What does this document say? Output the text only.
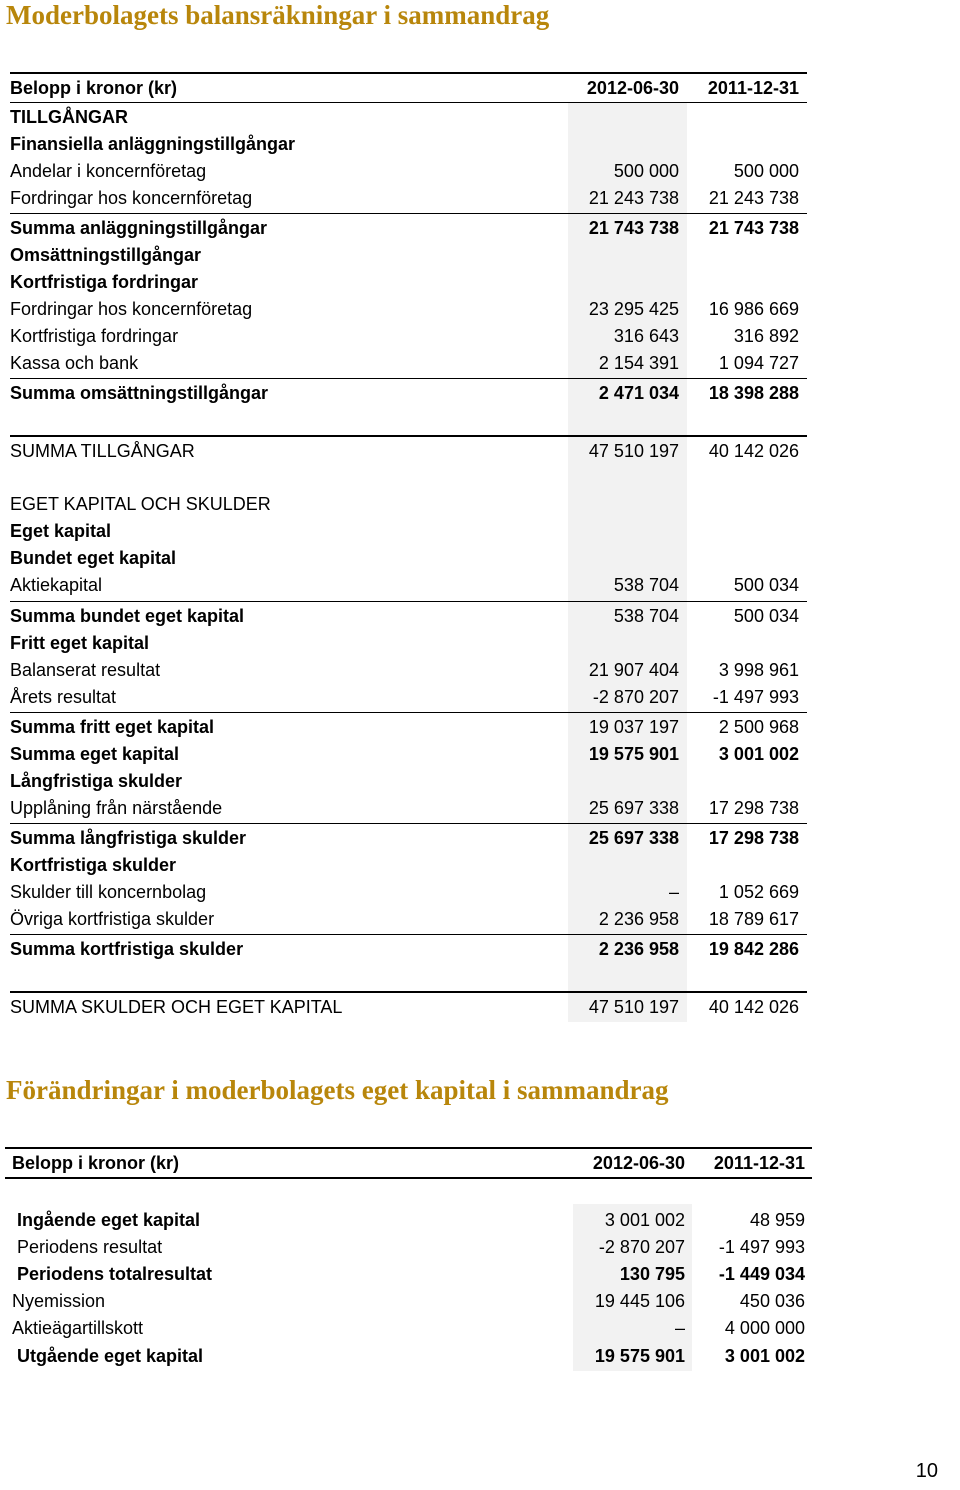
Moderbolagets balansräkningar i sammandrag
Belopp i kronor (kr)	2012-06-30	2011-12-31
TILLGÅNGAR
Finansiella anläggningstillgångar
Andelar i koncernföretag	500 000	500 000
Fordringar hos koncernföretag	21 243 738	21 243 738
Summa anläggningstillgångar	21 743 738	21 743 738
Omsättningstillgångar
Kortfristiga fordringar
Fordringar hos koncernföretag	23 295 425	16 986 669
Kortfristiga fordringar	316 643	316 892
Kassa och bank	2 154 391	1 094 727
Summa omsättningstillgångar	2 471 034	18 398 288
SUMMA TILLGÅNGAR	47 510 197	40 142 026
EGET KAPITAL OCH SKULDER
Eget kapital
Bundet eget kapital
Aktiekapital	538 704	500 034
Summa bundet eget kapital	538 704	500 034
Fritt eget kapital
Balanserat resultat	21 907 404	3 998 961
Årets resultat	-2 870 207	-1 497 993
Summa fritt eget kapital	19 037 197	2 500 968
Summa eget kapital	19 575 901	3 001 002
Långfristiga skulder
Upplåning från närstående	25 697 338	17 298 738
Summa långfristiga skulder	25 697 338	17 298 738
Kortfristiga skulder
Skulder till koncernbolag	–	1 052 669
Övriga kortfristiga skulder	2 236 958	18 789 617
Summa kortfristiga skulder	2 236 958	19 842 286
SUMMA SKULDER OCH EGET KAPITAL	47 510 197	40 142 026
Förändringar i moderbolagets eget kapital i sammandrag
Belopp i kronor (kr)	2012-06-30	2011-12-31
Ingående eget kapital	3 001 002	48 959
Periodens resultat	-2 870 207	-1 497 993
Periodens totalresultat	130 795	-1 449 034
Nyemission	19 445 106	450 036
Aktieägartillskott	–	4 000 000
Utgående eget kapital	19 575 901	3 001 002
10
